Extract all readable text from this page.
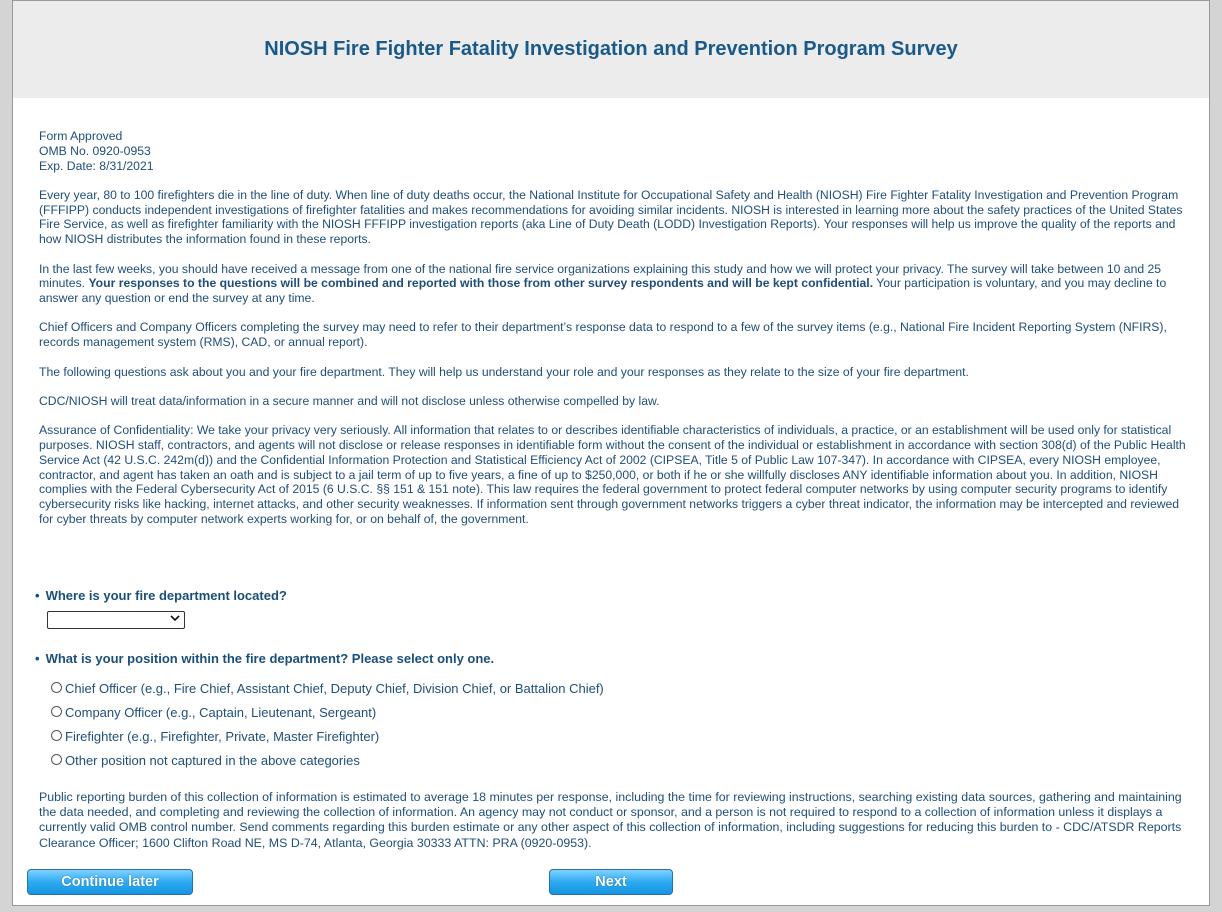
NIOSH Fire Fighter Fatality Investigation and Prevention Program Survey

Form Approved
OMB No. 0920-0953
Exp. Date: 8/31/2021

Every year, 80 to 100 firefighters die in the line of duty. When line of duty deaths occur, the National Institute for Occupational Safety and Health (NIOSH) Fire Fighter Fatality Investigation and Prevention Program (FFFIPP) conducts independent investigations of firefighter fatalities and makes recommendations for avoiding similar incidents. NIOSH is interested in learning more about the safety practices of the United States Fire Service, as well as firefighter familiarity with the NIOSH FFFIPP investigation reports (aka Line of Duty Death (LODD) Investigation Reports). Your responses will help us improve the quality of the reports and how NIOSH distributes the information found in these reports.

In the last few weeks, you should have received a message from one of the national fire service organizations explaining this study and how we will protect your privacy. The survey will take between 10 and 25 minutes. Your responses to the questions will be combined and reported with those from other survey respondents and will be kept confidential. Your participation is voluntary, and you may decline to answer any question or end the survey at any time.

Chief Officers and Company Officers completing the survey may need to refer to their department’s response data to respond to a few of the survey items (e.g., National Fire Incident Reporting System (NFIRS), records management system (RMS), CAD, or annual report).

The following questions ask about you and your fire department. They will help us understand your role and your responses as they relate to the size of your fire department.

CDC/NIOSH will treat data/information in a secure manner and will not disclose unless otherwise compelled by law.

Assurance of Confidentiality: We take your privacy very seriously. All information that relates to or describes identifiable characteristics of individuals, a practice, or an establishment will be used only for statistical purposes. NIOSH staff, contractors, and agents will not disclose or release responses in identifiable form without the consent of the individual or establishment in accordance with section 308(d) of the Public Health Service Act (42 U.S.C. 242m(d)) and the Confidential Information Protection and Statistical Efficiency Act of 2002 (CIPSEA, Title 5 of Public Law 107-347). In accordance with CIPSEA, every NIOSH employee, contractor, and agent has taken an oath and is subject to a jail term of up to five years, a fine of up to $250,000, or both if he or she willfully discloses ANY identifiable information about you. In addition, NIOSH complies with the Federal Cybersecurity Act of 2015 (6 U.S.C. §§ 151 & 151 note). This law requires the federal government to protect federal computer networks by using computer security programs to identify cybersecurity risks like hacking, internet attacks, and other security weaknesses. If information sent through government networks triggers a cyber threat indicator, the information may be intercepted and reviewed for cyber threats by computer network experts working for, or on behalf of, the government.

• Where is your fire department located?
• What is your position within the fire department? Please select only one.
Chief Officer (e.g., Fire Chief, Assistant Chief, Deputy Chief, Division Chief, or Battalion Chief)
Company Officer (e.g., Captain, Lieutenant, Sergeant)
Firefighter (e.g., Firefighter, Private, Master Firefighter)
Other position not captured in the above categories
Public reporting burden of this collection of information is estimated to average 18 minutes per response, including the time for reviewing instructions, searching existing data sources, gathering and maintaining the data needed, and completing and reviewing the collection of information. An agency may not conduct or sponsor, and a person is not required to respond to a collection of information unless it displays a currently valid OMB control number. Send comments regarding this burden estimate or any other aspect of this collection of information, including suggestions for reducing this burden to - CDC/ATSDR Reports Clearance Officer; 1600 Clifton Road NE, MS D-74, Atlanta, Georgia 30333 ATTN: PRA (0920-0953).
Continue later	Next
